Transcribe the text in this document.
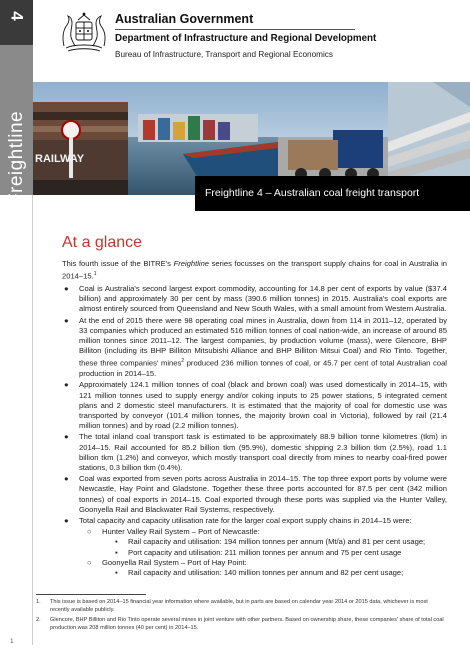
4
Freightline
Australian Government
Department of Infrastructure and Regional Development
Bureau of Infrastructure, Transport and Regional Economics
RAILWAY
Freightline 4 – Australian coal freight transport
At a glance
This fourth issue of the BITRE's Freightline series focusses on the transport supply chains for coal in Australia in 2014–15.$^1$
● Coal is Australia's second largest export commodity, accounting for 14.8 per cent of exports by value ($37.4 billion) and approximately 30 per cent by mass (390.6 million tonnes) in 2015. Australia's coal exports are almost entirely sourced from Queensland and New South Wales, with a small amount from Western Australia.
● At the end of 2015 there were 98 operating coal mines in Australia, down from 114 in 2011–12, operated by 33 companies which produced an estimated 516 million tonnes of coal nation-wide, an increase of around 85 million tonnes since 2011–12. The largest companies, by production volume (mass), were Glencore, BHP Billiton (including its BHP Billiton Mitsubishi Alliance and BHP Billiton Mitsui Coal) and Rio Tinto. Together, these three companies' mines$^2$ produced 236 million tonnes of coal, or 45.7 per cent of total Australian coal production in 2014–15.
● Approximately 124.1 million tonnes of coal (black and brown coal) was used domestically in 2014–15, with 121 million tonnes used to supply energy and/or coking inputs to 25 power stations, 5 integrated cement plans and 2 domestic steel manufacturers. It is estimated that the majority of coal for domestic use was transported by conveyor (101.4 million tonnes, the majority brown coal in Victoria), followed by rail (21.4 million tonnes) and by road (2.2 million tonnes).
● The total inland coal transport task is estimated to be approximately 88.9 billion tonne kilometres (tkm) in 2014–15. Rail accounted for 85.2 billion tkm (95.9%), domestic shipping 2.3 billion tkm (2.5%), road 1.1 billion tkm (1.2%) and conveyor, which mostly transport coal directly from mines to nearby coal-fired power stations, 0.3 billion tkm (0.4%).
● Coal was exported from seven ports across Australia in 2014–15. The top three export ports by volume were Newcastle, Hay Point and Gladstone. Together these three ports accounted for 87.5 per cent (342 million tonnes) of coal exports in 2014–15. Coal exported through these ports was supplied via the Hunter Valley, Goonyella Rail and Blackwater Rail Systems, respectively.
● Total capacity and capacity utilisation rate for the larger coal export supply chains in 2014–15 were:
○ Hunter Valley Rail System – Port of Newcastle:
▪ Rail capacity and utilisation: 194 million tonnes per annum (Mt/a) and 81 per cent usage;
▪ Port capacity and utilisation: 211 million tonnes per annum and 75 per cent usage
○ Goonyella Rail System – Port of Hay Point:
▪ Rail capacity and utilisation: 140 million tonnes per annum and 82 per cent usage;
1.	This issue is based on 2014–15 financial year information where available, but in parts are based on calendar year 2014 or 2015 data, whichever is most recently available publicly.
2.	Glencore, BHP Billiton and Rio Tinto operate several mines in joint venture with other partners. Based on ownership share, these companies' share of total coal production was 208 million tonnes (40 per cent) in 2014–15.
1
